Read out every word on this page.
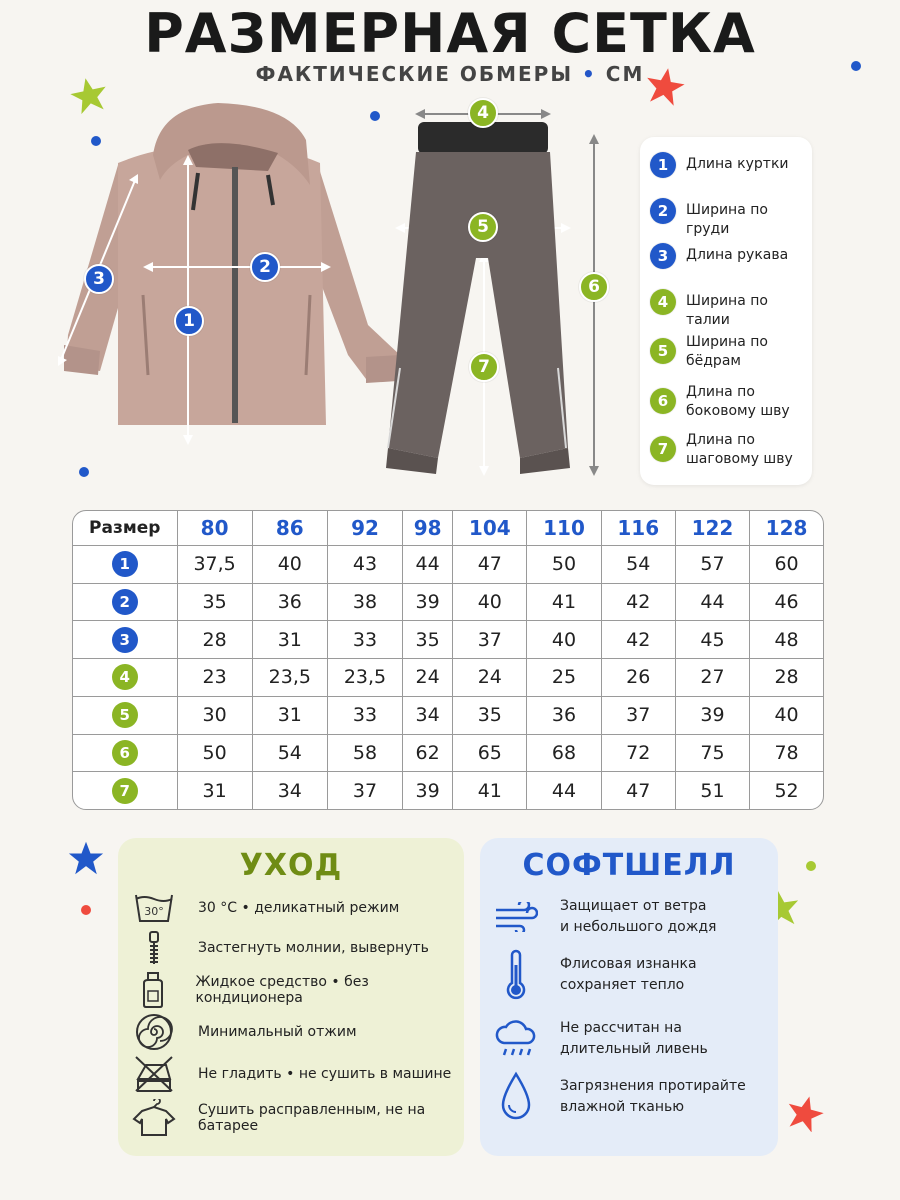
РАЗМЕРНАЯ СЕТКА
ФАКТИЧЕСКИЕ ОБМЕРЫ • СМ
1
2
3
4
5
6
7
1	Длина куртки
2	Ширина по груди
3	Длина рукава
4	Ширина по талии
5	Ширина по бёдрам
6	Длина по боковому шву
7	Длина по шаговому шву
Размер	80	86	92	98	104	110	116	122	128
1	37,5	40	43	44	47	50	54	57	60
2	35	36	38	39	40	41	42	44	46
3	28	31	33	35	37	40	42	45	48
4	23	23,5	23,5	24	24	25	26	27	28
5	30	31	33	34	35	36	37	39	40
6	50	54	58	62	65	68	72	75	78
7	31	34	37	39	41	44	47	51	52
УХОД
30° 30 °C • деликатный режим
Застегнуть молнии, вывернуть
Жидкое средство • без кондиционера
Минимальный отжим
Не гладить • не сушить в машине
Сушить расправленным, не на батарее
СОФТШЕЛЛ
Защищает от ветра
и небольшого дождя
Флисовая изнанка
сохраняет тепло
Не рассчитан на
длительный ливень
Загрязнения протирайте
влажной тканью
